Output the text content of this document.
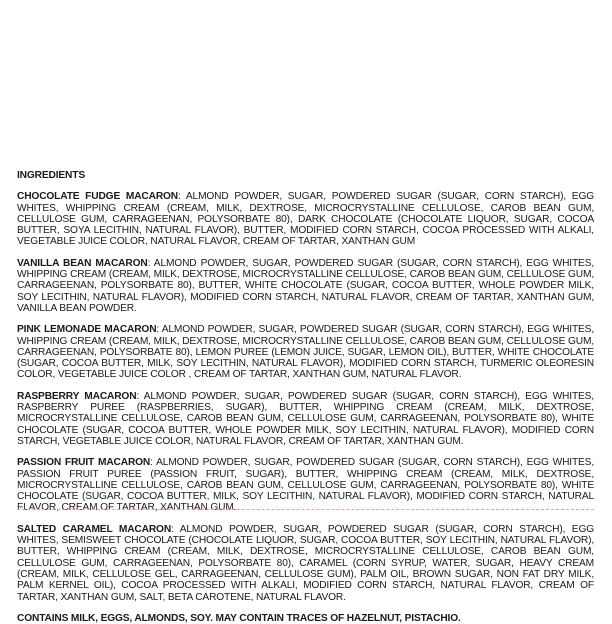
INGREDIENTS
CHOCOLATE FUDGE MACARON: ALMOND POWDER, SUGAR, POWDERED SUGAR (SUGAR, CORN STARCH), EGG WHITES, WHIPPING CREAM (CREAM, MILK, DEXTROSE, MICROCRYSTALLINE CELLULOSE, CAROB BEAN GUM, CELLULOSE GUM, CARRAGEENAN, POLYSORBATE 80), DARK CHOCOLATE (CHOCOLATE LIQUOR, SUGAR, COCOA BUTTER, SOYA LECITHIN, NATURAL FLAVOR), BUTTER, MODIFIED CORN STARCH, COCOA PROCESSED WITH ALKALI, VEGETABLE JUICE COLOR, NATURAL FLAVOR, CREAM OF TARTAR, XANTHAN GUM
VANILLA BEAN MACARON: ALMOND POWDER, SUGAR, POWDERED SUGAR (SUGAR, CORN STARCH), EGG WHITES, WHIPPING CREAM (CREAM, MILK, DEXTROSE, MICROCRYSTALLINE CELLULOSE, CAROB BEAN GUM, CELLULOSE GUM, CARRAGEENAN, POLYSORBATE 80), BUTTER, WHITE CHOCOLATE (SUGAR, COCOA BUTTER, WHOLE POWDER MILK, SOY LECITHIN, NATURAL FLAVOR), MODIFIED CORN STARCH, NATURAL FLAVOR, CREAM OF TARTAR, XANTHAN GUM, VANILLA BEAN POWDER.
PINK LEMONADE MACARON: ALMOND POWDER, SUGAR, POWDERED SUGAR (SUGAR, CORN STARCH), EGG WHITES, WHIPPING CREAM (CREAM, MILK, DEXTROSE, MICROCRYSTALLINE CELLULOSE, CAROB BEAN GUM, CELLULOSE GUM, CARRAGEENAN, POLYSORBATE 80), LEMON PUREE (LEMON JUICE, SUGAR, LEMON OIL), BUTTER, WHITE CHOCOLATE (SUGAR, COCOA BUTTER, MILK, SOY LECITHIN, NATURAL FLAVOR), MODIFIED CORN STARCH, TURMERIC OLEORESIN COLOR, VEGETABLE JUICE COLOR , CREAM OF TARTAR, XANTHAN GUM, NATURAL FLAVOR.
RASPBERRY MACARON: ALMOND POWDER, SUGAR, POWDERED SUGAR (SUGAR, CORN STARCH), EGG WHITES, RASPBERRY PUREE (RASPBERRIES, SUGAR), BUTTER, WHIPPING CREAM (CREAM, MILK, DEXTROSE, MICROCRYSTALLINE CELLULOSE, CAROB BEAN GUM, CELLULOSE GUM, CARRAGEENAN, POLYSORBATE 80), WHITE CHOCOLATE (SUGAR, COCOA BUTTER, WHOLE POWDER MILK, SOY LECITHIN, NATURAL FLAVOR), MODIFIED CORN STARCH, VEGETABLE JUICE COLOR, NATURAL FLAVOR, CREAM OF TARTAR, XANTHAN GUM.
PASSION FRUIT MACARON: ALMOND POWDER, SUGAR, POWDERED SUGAR (SUGAR, CORN STARCH), EGG WHITES, PASSION FRUIT PUREE (PASSION FRUIT, SUGAR), BUTTER, WHIPPING CREAM (CREAM, MILK, DEXTROSE, MICROCRYSTALLINE CELLULOSE, CAROB BEAN GUM, CELLULOSE GUM, CARRAGEENAN, POLYSORBATE 80), WHITE CHOCOLATE (SUGAR, COCOA BUTTER, MILK, SOY LECITHIN, NATURAL FLAVOR), MODIFIED CORN STARCH, NATURAL FLAVOR, CREAM OF TARTAR, XANTHAN GUM.
SALTED CARAMEL MACARON: ALMOND POWDER, SUGAR, POWDERED SUGAR (SUGAR, CORN STARCH), EGG WHITES, SEMISWEET CHOCOLATE (CHOCOLATE LIQUOR, SUGAR, COCOA BUTTER, SOY LECITHIN, NATURAL FLAVOR), BUTTER, WHIPPING CREAM (CREAM, MILK, DEXTROSE, MICROCRYSTALLINE CELLULOSE, CAROB BEAN GUM, CELLULOSE GUM, CARRAGEENAN, POLYSORBATE 80), CARAMEL (CORN SYRUP, WATER, SUGAR, HEAVY CREAM (CREAM, MILK, CELLULOSE GEL, CARRAGEENAN, CELLULOSE GUM), PALM OIL, BROWN SUGAR, NON FAT DRY MILK, PALM KERNEL OIL), COCOA PROCESSED WITH ALKALI, MODIFIED CORN STARCH, NATURAL FLAVOR, CREAM OF TARTAR, XANTHAN GUM, SALT, BETA CAROTENE, NATURAL FLAVOR.
CONTAINS MILK, EGGS, ALMONDS, SOY. MAY CONTAIN TRACES OF HAZELNUT, PISTACHIO.
